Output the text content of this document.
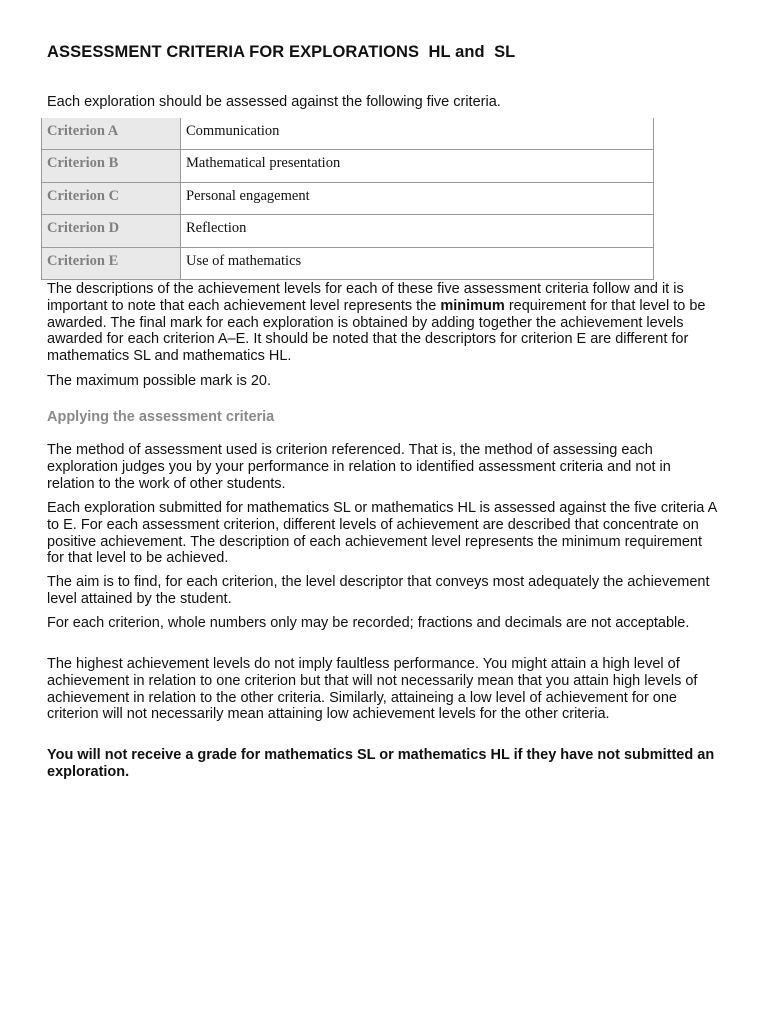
ASSESSMENT CRITERIA FOR EXPLORATIONS  HL and  SL
Each exploration should be assessed against the following five criteria.
Criterion A	Communication
Criterion B	Mathematical presentation
Criterion C	Personal engagement
Criterion D	Reflection
Criterion E	Use of mathematics

The descriptions of the achievement levels for each of these five assessment criteria follow and it is important to note that each achievement level represents the minimum requirement for that level to be awarded. The final mark for each exploration is obtained by adding together the achievement levels awarded for each criterion A–E. It should be noted that the descriptors for criterion E are different for mathematics SL and mathematics HL.

The maximum possible mark is 20.

Applying the assessment criteria

The method of assessment used is criterion referenced. That is, the method of assessing each exploration judges you by your performance in relation to identified assessment criteria and not in relation to the work of other students.

Each exploration submitted for mathematics SL or mathematics HL is assessed against the five criteria A to E. For each assessment criterion, different levels of achievement are described that concentrate on positive achievement. The description of each achievement level represents the minimum requirement for that level to be achieved.

The aim is to find, for each criterion, the level descriptor that conveys most adequately the achievement level attained by the student.

For each criterion, whole numbers only may be recorded; fractions and decimals are not acceptable.

The highest achievement levels do not imply faultless performance. You might attain a high level of achievement in relation to one criterion but that will not necessarily mean that you attain high levels of achievement in relation to the other criteria. Similarly, attaineing a low level of achievement for one criterion will not necessarily mean attaining low achievement levels for the other criteria.

You will not receive a grade for mathematics SL or mathematics HL if they have not submitted an exploration.
